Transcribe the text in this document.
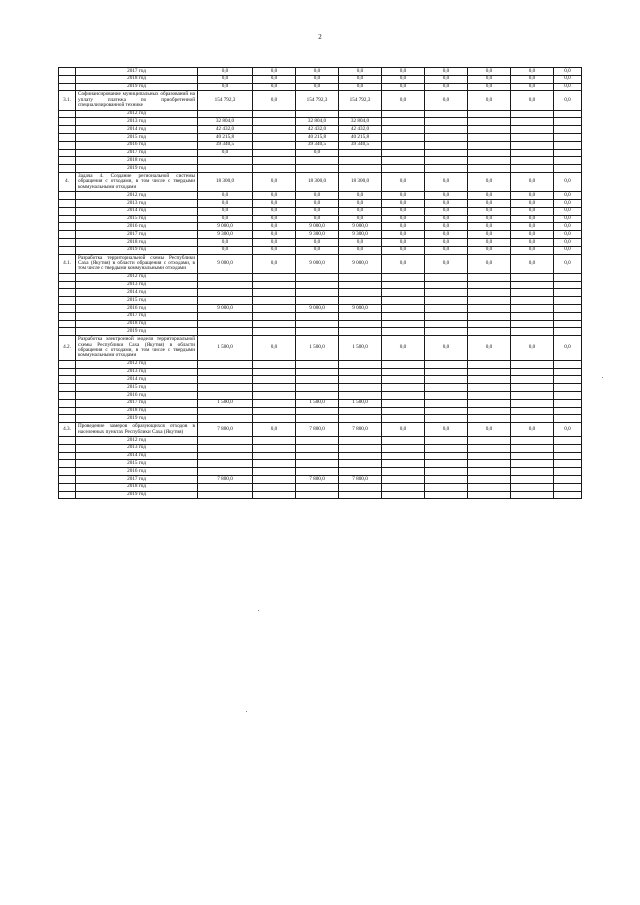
2
	2017 год	0,0	0,0	0,0	0,0	0,0	0,0	0,0	0,0	0,0
	2018 год	0,0	0,0	0,0	0,0	0,0	0,0	0,0	0,0	0,0
	2019 год	0,0	0,0	0,0	0,0	0,0	0,0	0,0	0,0	0,0
3.1.	Софинансирование муниципальных образований на уплату платежа по приобретенной специализированной технике	154 792,3	0,0	154 792,3	154 792,3	0,0	0,0	0,0	0,0	0,0
	2012 год									
	2013 год	32 804,0		32 804,0	32 804,0					
	2014 год	42 432,0		42 432,0	42 432,0					
	2015 год	40 215,8		40 215,8	40 215,8					
	2016 год	39 340,5		39 340,5	39 340,5					
	2017 год	0,0		0,0						
	2018 год									
	2019 год									
4.	Задача 4. Создание региональной системы обращения с отходами, в том числе с твердыми коммунальными отходами	18 300,0	0,0	18 300,0	18 300,0	0,0	0,0	0,0	0,0	0,0
	2012 год	0,0	0,0	0,0	0,0	0,0	0,0	0,0	0,0	0,0
	2013 год	0,0	0,0	0,0	0,0	0,0	0,0	0,0	0,0	0,0
	2014 год	0,0	0,0	0,0	0,0	0,0	0,0	0,0	0,0	0,0
	2015 год	0,0	0,0	0,0	0,0	0,0	0,0	0,0	0,0	0,0
	2016 год	9 000,0	0,0	9 000,0	9 000,0	0,0	0,0	0,0	0,0	0,0
	2017 год	9 300,0	0,0	9 300,0	9 300,0	0,0	0,0	0,0	0,0	0,0
	2018 год	0,0	0,0	0,0	0,0	0,0	0,0	0,0	0,0	0,0
	2019 год	0,0	0,0	0,0	0,0	0,0	0,0	0,0	0,0	0,0
4.1.	Разработка территориальной схемы Республики Саха (Якутия) в области обращения с отходами, в том числе с твердыми коммунальными отходами	9 000,0	0,0	9 000,0	9 000,0	0,0	0,0	0,0	0,0	0,0
	2012 год									
	2013 год									
	2014 год									
	2015 год									
	2016 год	9 000,0		9 000,0	9 000,0					
	2017 год									
	2018 год									
	2019 год									
4.2.	Разработка электронной модели территориальной схемы Республики Саха (Якутия) в области обращения с отходами, в том числе с твердыми коммунальными отходами	1 500,0	0,0	1 500,0	1 500,0	0,0	0,0	0,0	0,0	0,0
	2012 год									
	2013 год									
	2014 год									
	2015 год									
	2016 год									
	2017 год	1 500,0		1 500,0	1 500,0					
	2018 год									
	2019 год									
4.3.	Проведение замеров образующихся отходов в населенных пунктах Республики Саха (Якутия)	7 800,0	0,0	7 800,0	7 800,0	0,0	0,0	0,0	0,0	0,0
	2012 год									
	2013 год									
	2014 год									
	2015 год									
	2016 год									
	2017 год	7 800,0		7 800,0	7 800,0					
	2018 год									
	2019 год									
